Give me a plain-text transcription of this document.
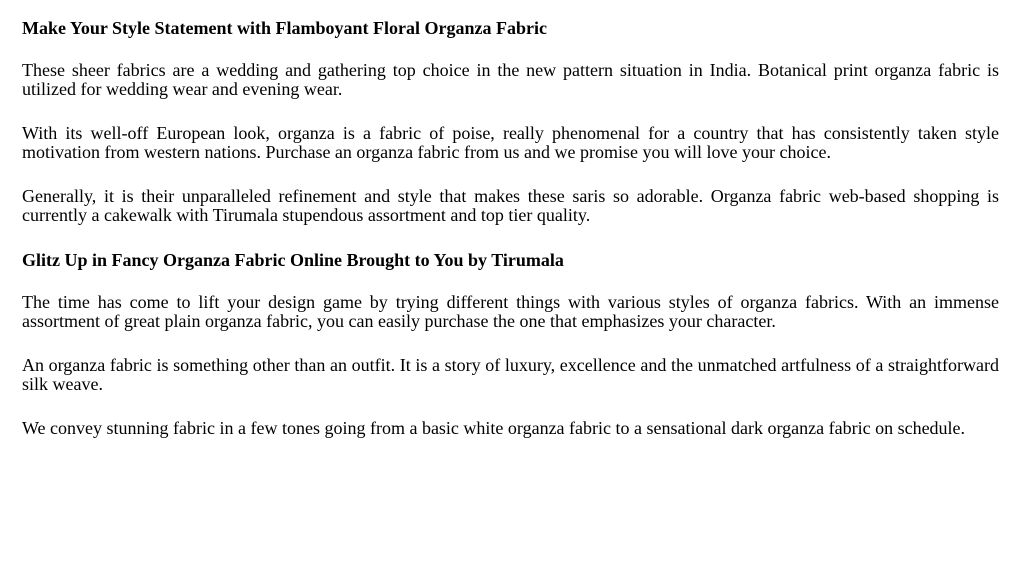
Make Your Style Statement with Flamboyant Floral Organza Fabric

These sheer fabrics are a wedding and gathering top choice in the new pattern situation in India. Botanical print organza fabric is utilized for wedding wear and evening wear.

With its well-off European look, organza is a fabric of poise, really phenomenal for a country that has consistently taken style motivation from western nations. Purchase an organza fabric from us and we promise you will love your choice.

Generally, it is their unparalleled refinement and style that makes these saris so adorable. Organza fabric web-based shopping is currently a cakewalk with Tirumala stupendous assortment and top tier quality.

Glitz Up in Fancy Organza Fabric Online Brought to You by Tirumala

The time has come to lift your design game by trying different things with various styles of organza fabrics. With an immense assortment of great plain organza fabric, you can easily purchase the one that emphasizes your character.

An organza fabric is something other than an outfit. It is a story of luxury, excellence and the unmatched artfulness of a straightforward silk weave.

We convey stunning fabric in a few tones going from a basic white organza fabric to a sensational dark organza fabric on schedule.
